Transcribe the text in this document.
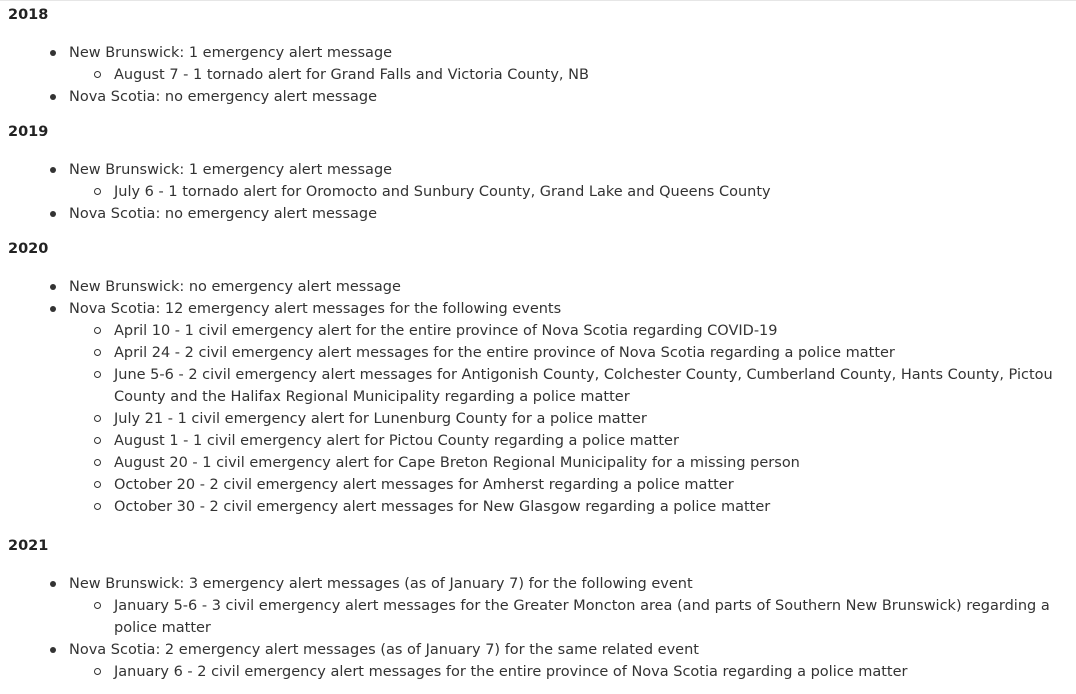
2018
New Brunswick: 1 emergency alert message
August 7 - 1 tornado alert for Grand Falls and Victoria County, NB
Nova Scotia: no emergency alert message
2019
New Brunswick: 1 emergency alert message
July 6 - 1 tornado alert for Oromocto and Sunbury County, Grand Lake and Queens County
Nova Scotia: no emergency alert message
2020
New Brunswick: no emergency alert message
Nova Scotia: 12 emergency alert messages for the following events
April 10 - 1 civil emergency alert for the entire province of Nova Scotia regarding COVID-19
April 24 - 2 civil emergency alert messages for the entire province of Nova Scotia regarding a police matter
June 5-6 - 2 civil emergency alert messages for Antigonish County, Colchester County, Cumberland County, Hants County, Pictou County and the Halifax Regional Municipality regarding a police matter
July 21 - 1 civil emergency alert for Lunenburg County for a police matter
August 1 - 1 civil emergency alert for Pictou County regarding a police matter
August 20 - 1 civil emergency alert for Cape Breton Regional Municipality for a missing person
October 20 - 2 civil emergency alert messages for Amherst regarding a police matter
October 30 - 2 civil emergency alert messages for New Glasgow regarding a police matter
2021
New Brunswick: 3 emergency alert messages (as of January 7) for the following event
January 5-6 - 3 civil emergency alert messages for the Greater Moncton area (and parts of Southern New Brunswick) regarding a police matter
Nova Scotia: 2 emergency alert messages (as of January 7) for the same related event
January 6 - 2 civil emergency alert messages for the entire province of Nova Scotia regarding a police matter
